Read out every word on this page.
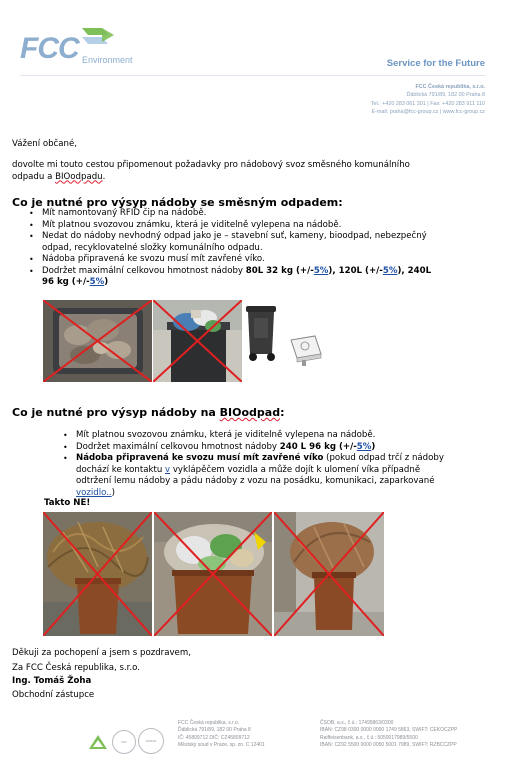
FCC Environment	Service for the Future
FCC Česká republika, s.r.o.
Ďáblická 791/89, 182 00 Praha 8
Tel.: +420 283 061 301 | Fax: +420 283 911 110
E-mail: praha@fcc-group.cz | www.fcc-group.cz
Vážení občané,
dovolte mi touto cestou připomenout požadavky pro nádobový svoz směsného komunálního
odpadu a BIOodpadu.
Co je nutné pro výsyp nádoby se směsným odpadem:
• Mít namontovaný RFID čip na nádobě.
• Mít platnou svozovou známku, která je viditelně vylepena na nádobě.
• Nedat do nádoby nevhodný odpad jako je – stavební suť, kameny, bioodpad, nebezpečný
odpad, recyklovatelné složky komunálního odpadu.
• Nádoba připravená ke svozu musí mít zavřené víko.
• Dodržet maximální celkovou hmotnost nádoby 80L 32 kg (+/-5%), 120L (+/-5%), 240L
96 kg (+/-5%)
Co je nutné pro výsyp nádoby na BIOodpad:
• Mít platnou svozovou známku, která je viditelně vylepena na nádobě.
• Dodržet maximální celkovou hmotnost nádoby 240 L 96 kg (+/-5%)
• Nádoba připravená ke svozu musí mít zavřené víko (pokud odpad trčí z nádoby
dochází ke kontaktu v vyklápěčem vozidla a může dojít k ulomení víka případně
odtržení lemu nádoby a pádu nádoby z vozu na posádku, komunikaci, zaparkované
vozidlo..)
Takto NE!
Děkuji za pochopení a jsem s pozdravem,
Za FCC Česká republika, s.r.o.
Ing. Tomáš Žoha
Obchodní zástupce
ISO	OHSAS
FCC Česká republika, s.r.o.
Ďáblická 791/89, 182 00 Praha 8
IČ: 45809712 DIČ: CZ45809712
Městský soud v Praze, sp. zn. C 12401
ČSOB, a.s., č.ú.: 17495863/0300
IBAN: CZ98 0300 0000 0000 1749 5863, SWIFT: CEKOCZPP
Raiffeisenbank, a.s., č.ú.: 5050017989/5500
IBAN: CZ92 5500 0000 0050 5001 7989, SWIFT: RZBCCZPP
